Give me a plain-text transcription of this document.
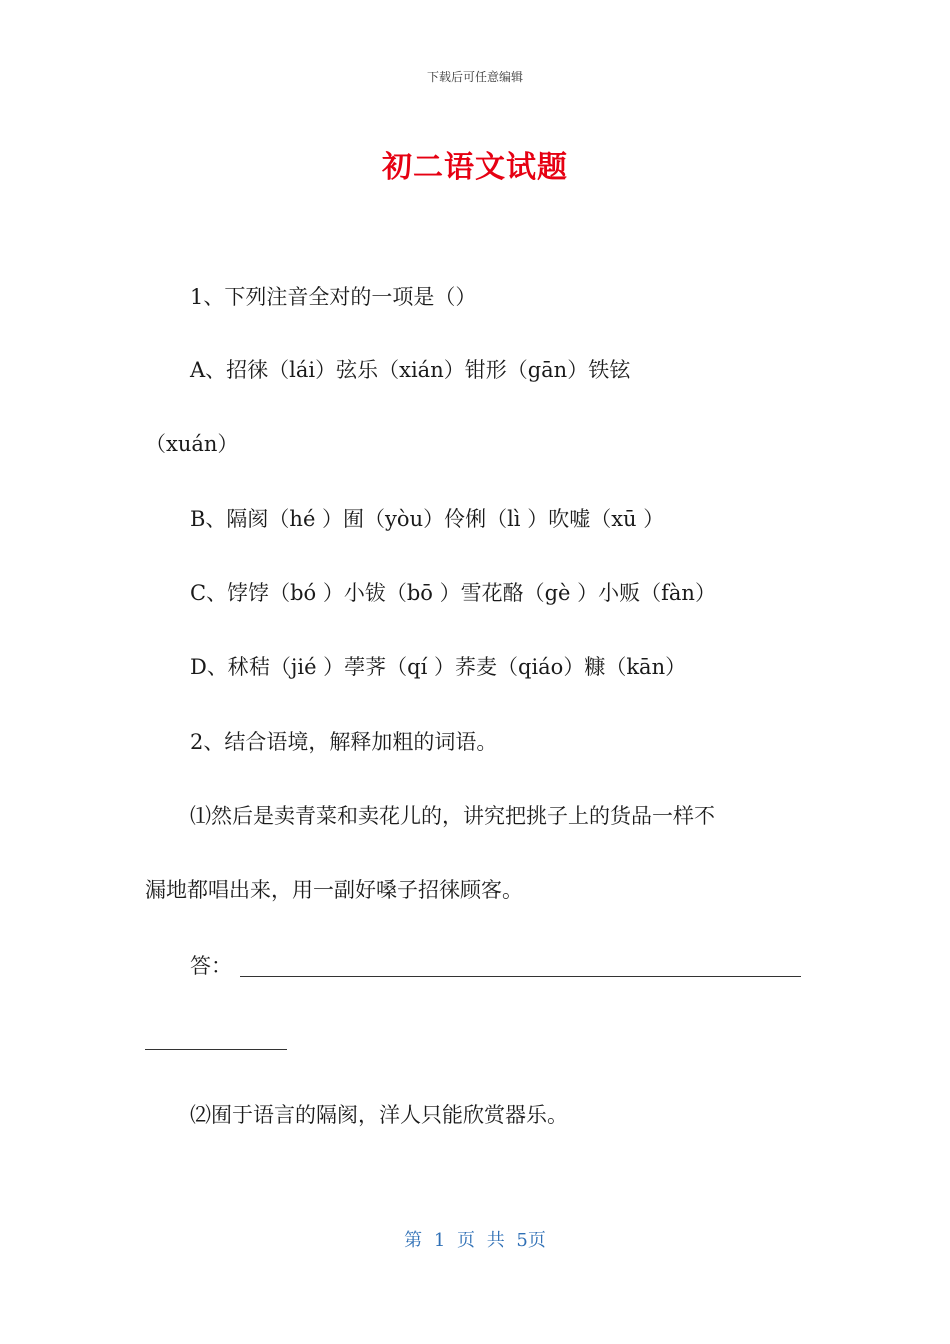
下载后可任意编辑
初二语文试题
1、下列注音全对的一项是（）
A、招徕（lái）弦乐（xián）钳形（gān）铁铉
（xuán）
B、隔阂（hé ）囿（yòu）伶俐（lì ）吹嘘（xū ）
C、饽饽（bó ）小钹（bō ）雪花酪（gè ）小贩（fàn）
D、秫秸（jié ）荸荠（qí ）荞麦（qiáo）糠（kān）
2、结合语境，解释加粗的词语。
⑴然后是卖青菜和卖花儿的，讲究把挑子上的货品一样不
漏地都唱出来，用一副好嗓子招徕顾客。
答：
⑵囿于语言的隔阂，洋人只能欣赏器乐。
第 1 页 共 5页
